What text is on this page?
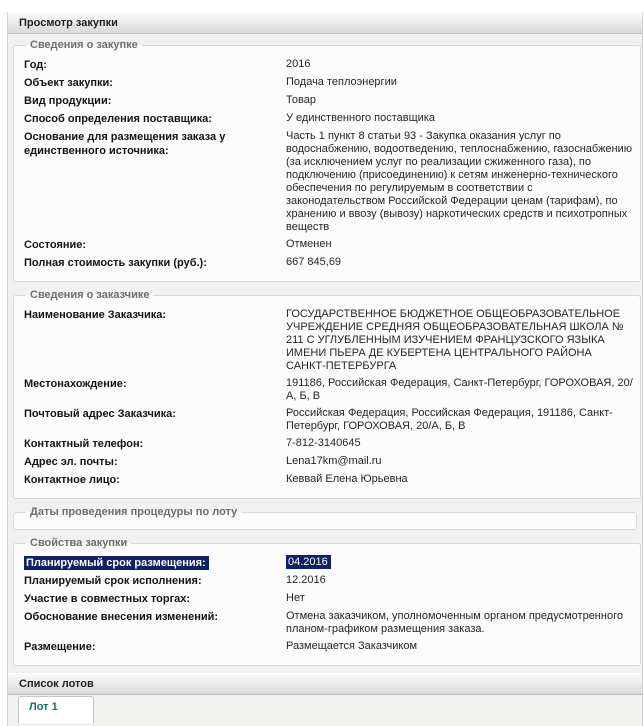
Просмотр закупки
Сведения о закупке
Год:	2016
Объект закупки:	Подача теплоэнергии
Вид продукции:	Товар
Способ определения поставщика:	У единственного поставщика
Основание для размещения заказа у единственного источника:
Часть 1 пункт 8 статьи 93 - Закупка оказания услуг по водоснабжению, водоотведению, теплоснабжению, газоснабжению (за исключением услуг по реализации сжиженного газа), по подключению (присоединению) к сетям инженерно-технического обеспечения по регулируемым в соответствии с законодательством Российской Федерации ценам (тарифам), по хранению и ввозу (вывозу) наркотических средств и психотропных веществ
Состояние:	Отменен
Полная стоимость закупки (руб.):	667 845,69
Сведения о заказчике
Наименование Заказчика:	ГОСУДАРСТВЕННОЕ БЮДЖЕТНОЕ ОБЩЕОБРАЗОВАТЕЛЬНОЕ УЧРЕЖДЕНИЕ СРЕДНЯЯ ОБЩЕОБРАЗОВАТЕЛЬНАЯ ШКОЛА № 211 С УГЛУБЛЕННЫМ ИЗУЧЕНИЕМ ФРАНЦУЗСКОГО ЯЗЫКА ИМЕНИ ПЬЕРА ДЕ КУБЕРТЕНА ЦЕНТРАЛЬНОГО РАЙОНА САНКТ-ПЕТЕРБУРГА
Местонахождение:	191186, Российская Федерация, Санкт-Петербург, ГОРОХОВАЯ, 20/А, Б, В
Почтовый адрес Заказчика:	Российская Федерация, Российская Федерация, 191186, Санкт-Петербург, ГОРОХОВАЯ, 20/А, Б, В
Контактный телефон:	7-812-3140645
Адрес эл. почты:	Lena17km@mail.ru
Контактное лицо:	Кеввай Елена Юрьевна
Даты проведения процедуры по лоту
Свойства закупки
Планируемый срок размещения:	04.2016
Планируемый срок исполнения:	12.2016
Участие в совместных торгах:	Нет
Обоснование внесения изменений:	Отмена заказчиком, уполномоченным органом предусмотренного планом-графиком размещения заказа.
Размещение:	Размещается Заказчиком
Список лотов
Лот 1
